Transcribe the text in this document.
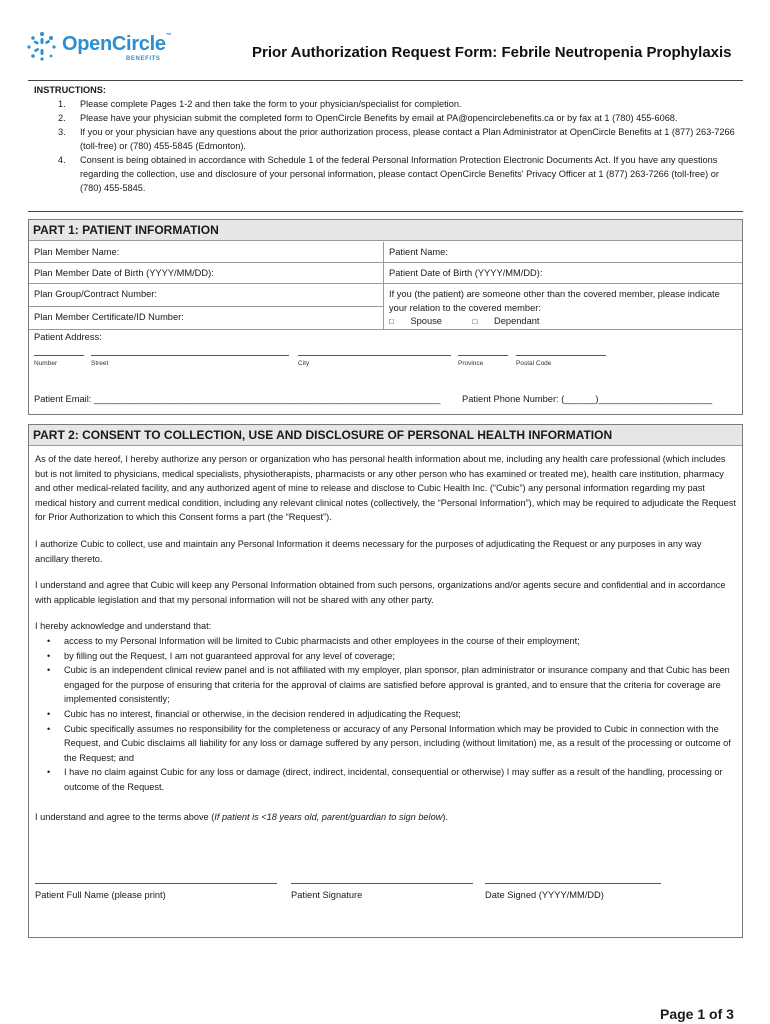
OpenCircle™
BENEFITS	Prior Authorization Request Form: Febrile Neutropenia Prophylaxis
INSTRUCTIONS:
1. Please complete Pages 1-2 and then take the form to your physician/specialist for completion.
2. Please have your physician submit the completed form to OpenCircle Benefits by email at PA@opencirclebenefits.ca or by fax at 1 (780) 455-6068.
3. If you or your physician have any questions about the prior authorization process, please contact a Plan Administrator at OpenCircle Benefits at 1 (877) 263-7266 (toll-free) or (780) 455-5845 (Edmonton).
4. Consent is being obtained in accordance with Schedule 1 of the federal Personal Information Protection Electronic Documents Act. If you have any questions regarding the collection, use and disclosure of your personal information, please contact OpenCircle Benefits' Privacy Officer at 1 (877) 263-7266 (toll-free) or (780) 455-5845.
PART 1: PATIENT INFORMATION
Plan Member Name:	Patient Name:
Plan Member Date of Birth (YYYY/MM/DD):	Patient Date of Birth (YYYY/MM/DD):
Plan Group/Contract Number:
Plan Member Certificate/ID Number:
If you (the patient) are someone other than the covered member, please indicate your relation to the covered member:
□ Spouse	□ Dependant
Patient Address:
Number	Street	City	Province	Postal Code
Patient Email: ___________________________________________________________________ Patient Phone Number: (______)______________________
PART 2: CONSENT TO COLLECTION, USE AND DISCLOSURE OF PERSONAL HEALTH INFORMATION

As of the date hereof, I hereby authorize any person or organization who has personal health information about me, including any health care professional (which includes but is not limited to physicians, medical specialists, physiotherapists, pharmacists or any other person who has examined or treated me), health care institution, pharmacy and other medical-related facility, and any authorized agent of mine to release and disclose to Cubic Health Inc. (“Cubic”) any personal information regarding my past medical history and current medical condition, including any relevant clinical notes (collectively, the “Personal Information”), which may be required to adjudicate the Request for Prior Authorization to which this Consent forms a part (the “Request”).

I authorize Cubic to collect, use and maintain any Personal Information it deems necessary for the purposes of adjudicating the Request or any purposes in any way ancillary thereto.

I understand and agree that Cubic will keep any Personal Information obtained from such persons, organizations and/or agents secure and confidential and in accordance with applicable legislation and that my personal information will not be shared with any other party.

I hereby acknowledge and understand that:

• access to my Personal Information will be limited to Cubic pharmacists and other employees in the course of their employment;
• by filling out the Request, I am not guaranteed approval for any level of coverage;
• Cubic is an independent clinical review panel and is not affiliated with my employer, plan sponsor, plan administrator or insurance company and that Cubic has been engaged for the purpose of ensuring that criteria for the approval of claims are satisfied before approval is granted, and to ensure that the criteria for coverage are implemented consistently;
• Cubic has no interest, financial or otherwise, in the decision rendered in adjudicating the Request;
• Cubic specifically assumes no responsibility for the completeness or accuracy of any Personal Information which may be provided to Cubic in connection with the Request, and Cubic disclaims all liability for any loss or damage suffered by any person, including (without limitation) me, as a result of the processing or outcome of the Request; and
• I have no claim against Cubic for any loss or damage (direct, indirect, incidental, consequential or otherwise) I may suffer as a result of the handling, processing or outcome of the Request.

I understand and agree to the terms above (If patient is <18 years old, parent/guardian to sign below).

Patient Full Name (please print)	Patient Signature	Date Signed (YYYY/MM/DD)
Page 1 of 3
